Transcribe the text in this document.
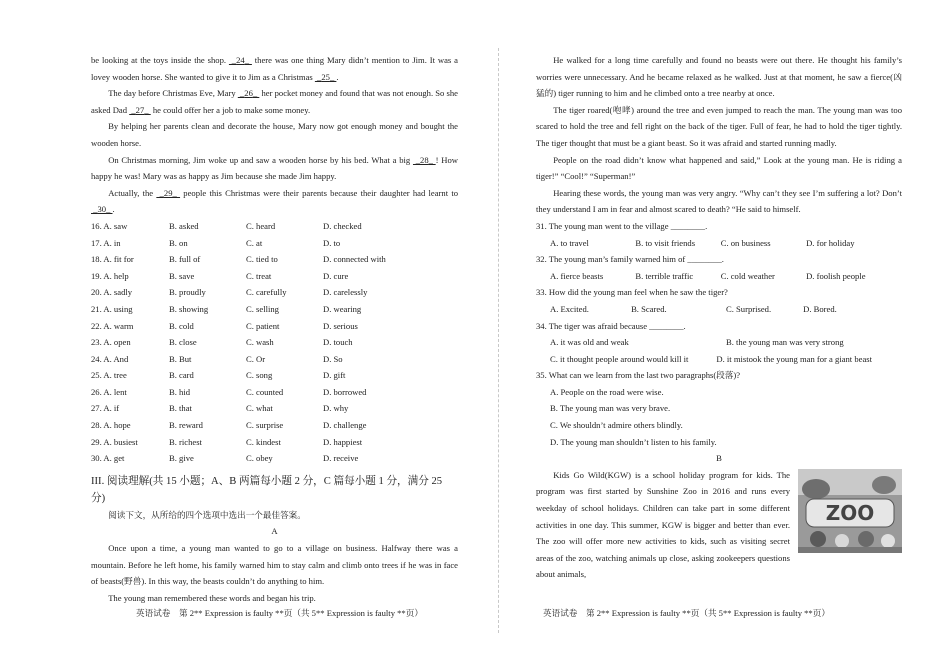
be looking at the toys inside the shop.  _24_  there was one thing Mary didn’t mention to Jim. It was a lovey wooden horse. She wanted to give it to Jim as a Christmas  _25_ .

The day before Christmas Eve, Mary  _26_  her pocket money and found that was not enough. So she asked Dad  _27_  he could offer her a job to make some money.

By helping her parents clean and decorate the house, Mary now got enough money and bought the wooden horse.

On Christmas morning, Jim woke up and saw a wooden horse by his bed. What a big  _28_ ! How happy he was! Mary was as happy as Jim because she made Jim happy.

Actually, the  _29_  people this Christmas were their parents because their daughter had learnt to  _30_ .

16. A. saw	B. asked	C. heard	D. checked
17. A. in	B. on	C. at	D. to
18. A. fit for	B. full of	C. tied to	D. connected with
19. A. help	B. save	C. treat	D. cure
20. A. sadly	B. proudly	C. carefully	D. carelessly
21. A. using	B. showing	C. selling	D. wearing
22. A. warm	B. cold	C. patient	D. serious
23. A. open	B. close	C. wash	D. touch
24. A. And	B. But	C. Or	D. So
25. A. tree	B. card	C. song	D. gift
26. A. lent	B. hid	C. counted	D. borrowed
27. A. if	B. that	C. what	D. why
28. A. hope	B. reward	C. surprise	D. challenge
29. A. busiest	B. richest	C. kindest	D. happiest
30. A. get	B. give	C. obey	D. receive
III. 阅读理解(共 15 小题；A、B 两篇每小题 2 分，C 篇每小题 1 分，满分 25 分)

阅读下文，从所给的四个选项中选出一个最佳答案。

A

Once upon a time, a young man wanted to go to a village on business. Halfway there was a mountain. Before he left home, his family warned him to stay calm and climb onto trees if he was in face of beasts(野兽). In this way, the beasts couldn’t do anything to him.

The young man remembered these words and began his trip.

He walked for a long time carefully and found no beasts were out there. He thought his family’s worries were unnecessary. And he became relaxed as he walked. Just at that moment, he saw a fierce(凶猛的) tiger running to him and he climbed onto a tree nearby at once.

The tiger roared(咆哮) around the tree and even jumped to reach the man. The young man was too scared to hold the tree and fell right on the back of the tiger. Full of fear, he had to hold the tiger tightly. The tiger thought that must be a giant beast. So it was afraid and started running madly.

People on the road didn’t know what happened and said,” Look at the young man. He is riding a tiger!” “Cool!” “Superman!”

Hearing these words, the young man was very angry. “Why can’t they see I’m suffering a lot? Don’t they understand I am in fear and almost scared to death? “He said to himself.

31. The young man went to the village ________.
A. to travel	B. to visit friends	C. on business	D. for holiday
32. The young man’s family warned him of ________.
A. fierce beasts	B. terrible traffic	C. cold weather	D. foolish people
33. How did the young man feel when he saw the tiger?
A. Excited.	B. Scared.	C. Surprised.	D. Bored.
34. The tiger was afraid because ________.
A. it was old and weak	B. the young man was very strong

C. it thought people around would kill it	D. it mistook the young man for a giant beast

35. What can we learn from the last two paragraphs(段落)?
A. People on the road were wise.
B. The young man was very brave.
C. We shouldn’t admire others blindly.
D. The young man shouldn’t listen to his family.
B
ZOO

Kids Go Wild(KGW) is a school holiday program for kids. The program was first started by Sunshine Zoo in 2016 and runs every weekday of school holidays. Children can take part in some different activities in one day. This summer, KGW is bigger and better than ever. The zoo will offer more new activities to kids, such as visiting secret areas of the zoo, watching animals up close, asking zookeepers questions about animals,

英语试卷　第 2** Expression is faulty **页（共 5** Expression is faulty **页）	英语试卷　第 2** Expression is faulty **页（共 5** Expression is faulty **页）
